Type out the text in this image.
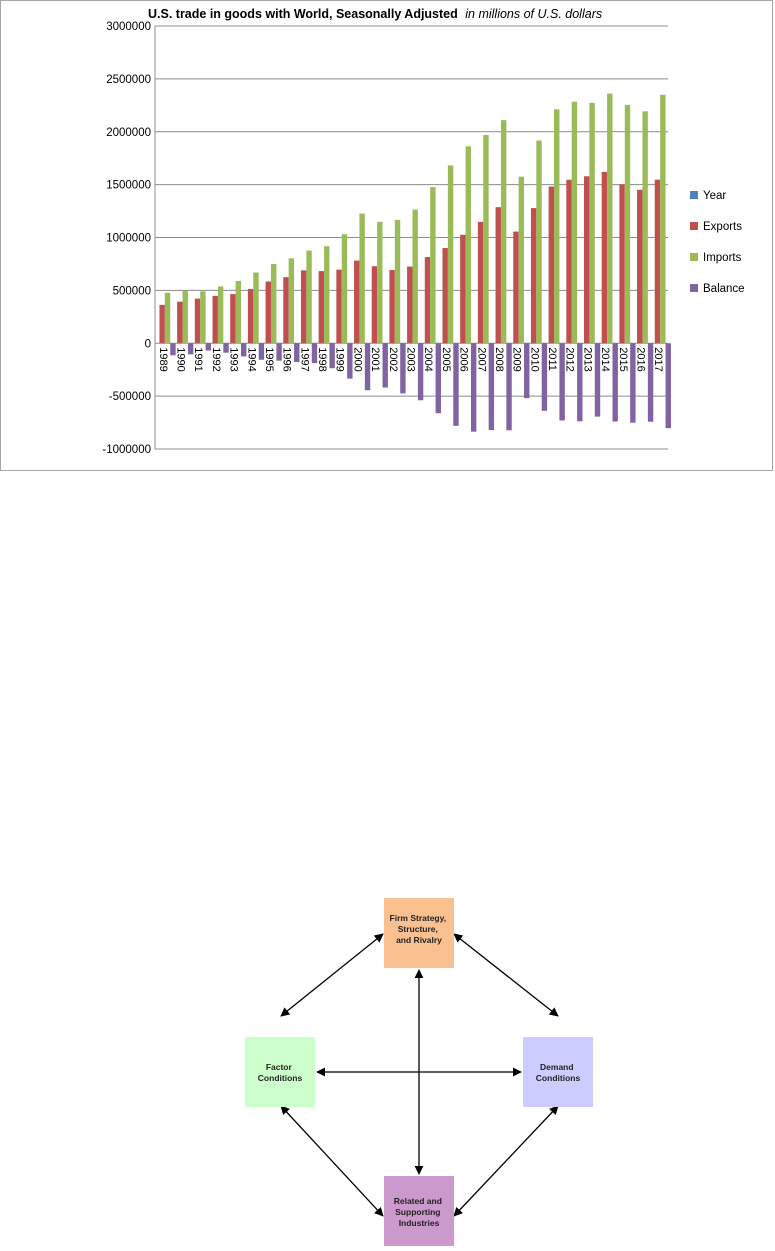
U.S. trade in goods with World, Seasonally Adjusted in millions of U.S. dollars
3000000
2500000
2000000
1500000
1000000
500000
0
-500000
-1000000
1989 1990 1991 1992 1993 1994 1995 1996 1997 1998 1999 2000 2001 2002 2003 2004 2005 2006 2007 2008 2009 2010 2011 2012 2013 2014 2015 2016 2017
Year
Exports
Imports
Balance
Firm Strategy, Structure, and Rivalry
Factor Conditions
Demand Conditions
Related and Supporting Industries
